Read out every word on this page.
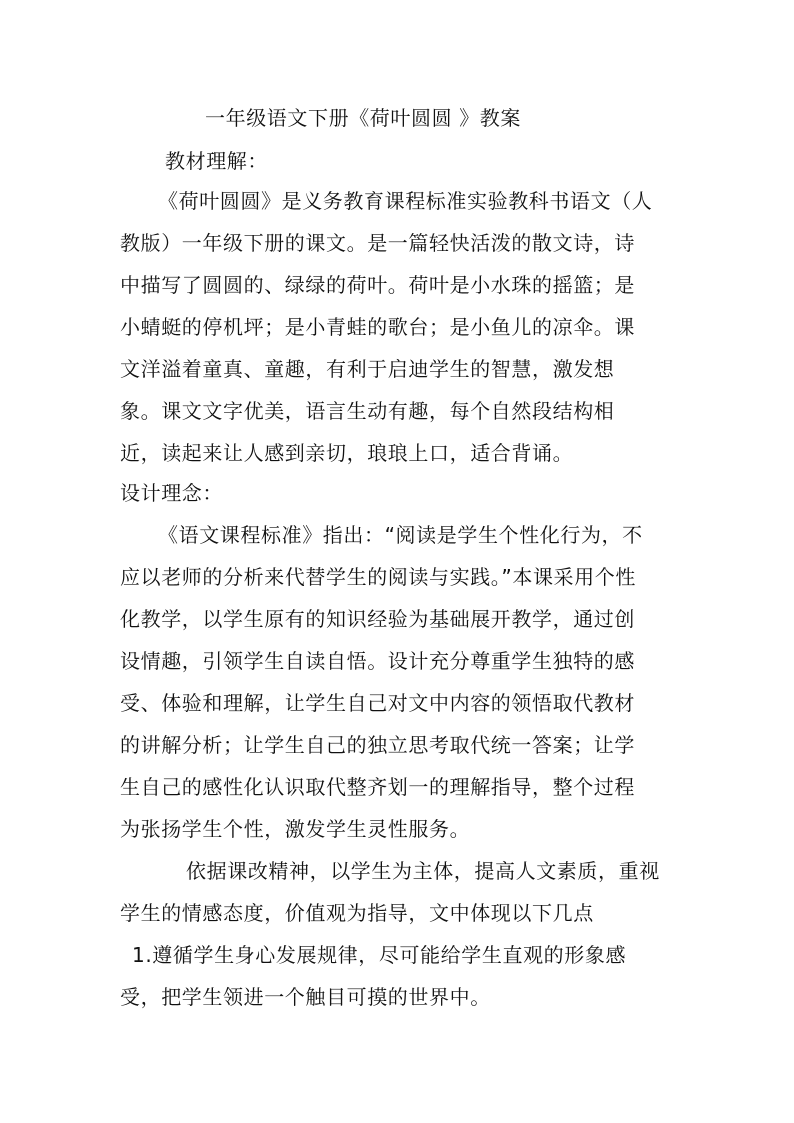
一年级语文下册《荷叶圆圆 》教案
教材理解：
《荷叶圆圆》是义务教育课程标准实验教科书语文（人
教版）一年级下册的课文。是一篇轻快活泼的散文诗，诗
中描写了圆圆的、绿绿的荷叶。荷叶是小水珠的摇篮；是
小蜻蜓的停机坪；是小青蛙的歌台；是小鱼儿的凉伞。课
文洋溢着童真、童趣，有利于启迪学生的智慧，激发想
象。课文文字优美，语言生动有趣，每个自然段结构相
近，读起来让人感到亲切，琅琅上口，适合背诵。
设计理念：
《语文课程标准》指出：“阅读是学生个性化行为，不
应以老师的分析来代替学生的阅读与实践。”本课采用个性
化教学，以学生原有的知识经验为基础展开教学，通过创
设情趣，引领学生自读自悟。设计充分尊重学生独特的感
受、体验和理解，让学生自己对文中内容的领悟取代教材
的讲解分析；让学生自己的独立思考取代统一答案；让学
生自己的感性化认识取代整齐划一的理解指导，整个过程
为张扬学生个性，激发学生灵性服务。
依据课改精神，以学生为主体，提高人文素质，重视
学生的情感态度，价值观为指导，文中体现以下几点
1.遵循学生身心发展规律，尽可能给学生直观的形象感
受，把学生领进一个触目可摸的世界中。
